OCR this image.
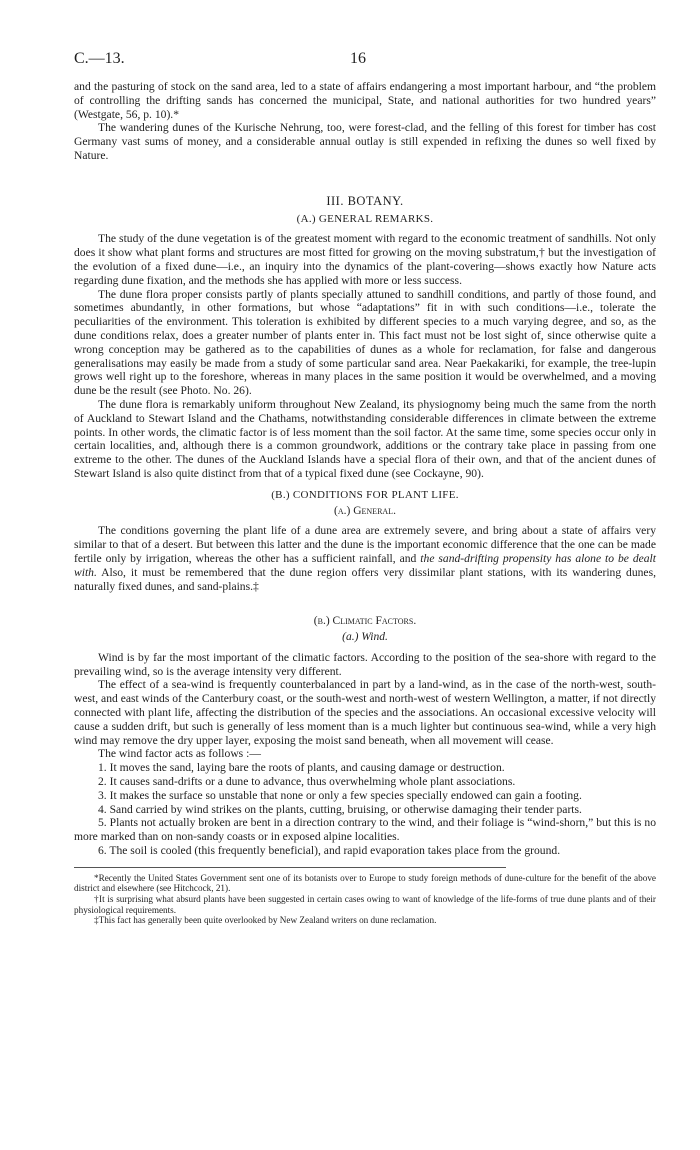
C.—13.	16

and the pasturing of stock on the sand area, led to a state of affairs endangering a most important harbour, and “the problem of controlling the drifting sands has concerned the municipal, State, and national authorities for two hundred years” (Westgate, 56, p. 10).*

The wandering dunes of the Kurische Nehrung, too, were forest-clad, and the felling of this forest for timber has cost Germany vast sums of money, and a considerable annual outlay is still expended in refixing the dunes so well fixed by Nature.

III. BOTANY.

(A.) GENERAL REMARKS.

The study of the dune vegetation is of the greatest moment with regard to the economic treatment of sandhills. Not only does it show what plant forms and structures are most fitted for growing on the moving substratum,† but the investigation of the evolution of a fixed dune—i.e., an inquiry into the dynamics of the plant-covering—shows exactly how Nature acts regarding dune fixation, and the methods she has applied with more or less success.

The dune flora proper consists partly of plants specially attuned to sandhill conditions, and partly of those found, and sometimes abundantly, in other formations, but whose “adaptations” fit in with such conditions—i.e., tolerate the peculiarities of the environment. This toleration is exhibited by different species to a much varying degree, and so, as the dune conditions relax, does a greater number of plants enter in. This fact must not be lost sight of, since otherwise quite a wrong conception may be gathered as to the capabilities of dunes as a whole for reclamation, for false and dangerous generalisations may easily be made from a study of some particular sand area. Near Paekakariki, for example, the tree-lupin grows well right up to the foreshore, whereas in many places in the same position it would be overwhelmed, and a moving dune be the result (see Photo. No. 26).

The dune flora is remarkably uniform throughout New Zealand, its physiognomy being much the same from the north of Auckland to Stewart Island and the Chathams, notwithstanding considerable differences in climate between the extreme points. In other words, the climatic factor is of less moment than the soil factor. At the same time, some species occur only in certain localities, and, although there is a common groundwork, additions or the contrary take place in passing from one extreme to the other. The dunes of the Auckland Islands have a special flora of their own, and that of the ancient dunes of Stewart Island is also quite distinct from that of a typical fixed dune (see Cockayne, 90).

(B.) CONDITIONS FOR PLANT LIFE.

(a.) General.

The conditions governing the plant life of a dune area are extremely severe, and bring about a state of affairs very similar to that of a desert. But between this latter and the dune is the important economic difference that the one can be made fertile only by irrigation, whereas the other has a sufficient rainfall, and the sand-drifting propensity has alone to be dealt with. Also, it must be remembered that the dune region offers very dissimilar plant stations, with its wandering dunes, naturally fixed dunes, and sand-plains.‡

(b.) Climatic Factors.

(a.) Wind.

Wind is by far the most important of the climatic factors. According to the position of the sea-shore with regard to the prevailing wind, so is the average intensity very different.

The effect of a sea-wind is frequently counterbalanced in part by a land-wind, as in the case of the north-west, south-west, and east winds of the Canterbury coast, or the south-west and north-west of western Wellington, a matter, if not directly connected with plant life, affecting the distribution of the species and the associations. An occasional excessive velocity will cause a sudden drift, but such is generally of less moment than is a much lighter but continuous sea-wind, while a very high wind may remove the dry upper layer, exposing the moist sand beneath, when all movement will cease.

The wind factor acts as follows :—

1. It moves the sand, laying bare the roots of plants, and causing damage or destruction.

2. It causes sand-drifts or a dune to advance, thus overwhelming whole plant associations.

3. It makes the surface so unstable that none or only a few species specially endowed can gain a footing.

4. Sand carried by wind strikes on the plants, cutting, bruising, or otherwise damaging their tender parts.

5. Plants not actually broken are bent in a direction contrary to the wind, and their foliage is “wind-shorn,” but this is no more marked than on non-sandy coasts or in exposed alpine localities.

6. The soil is cooled (this frequently beneficial), and rapid evaporation takes place from the ground.

*Recently the United States Government sent one of its botanists over to Europe to study foreign methods of dune-culture for the benefit of the above district and elsewhere (see Hitchcock, 21).

†It is surprising what absurd plants have been suggested in certain cases owing to want of knowledge of the life-forms of true dune plants and of their physiological requirements.

‡This fact has generally been quite overlooked by New Zealand writers on dune reclamation.
